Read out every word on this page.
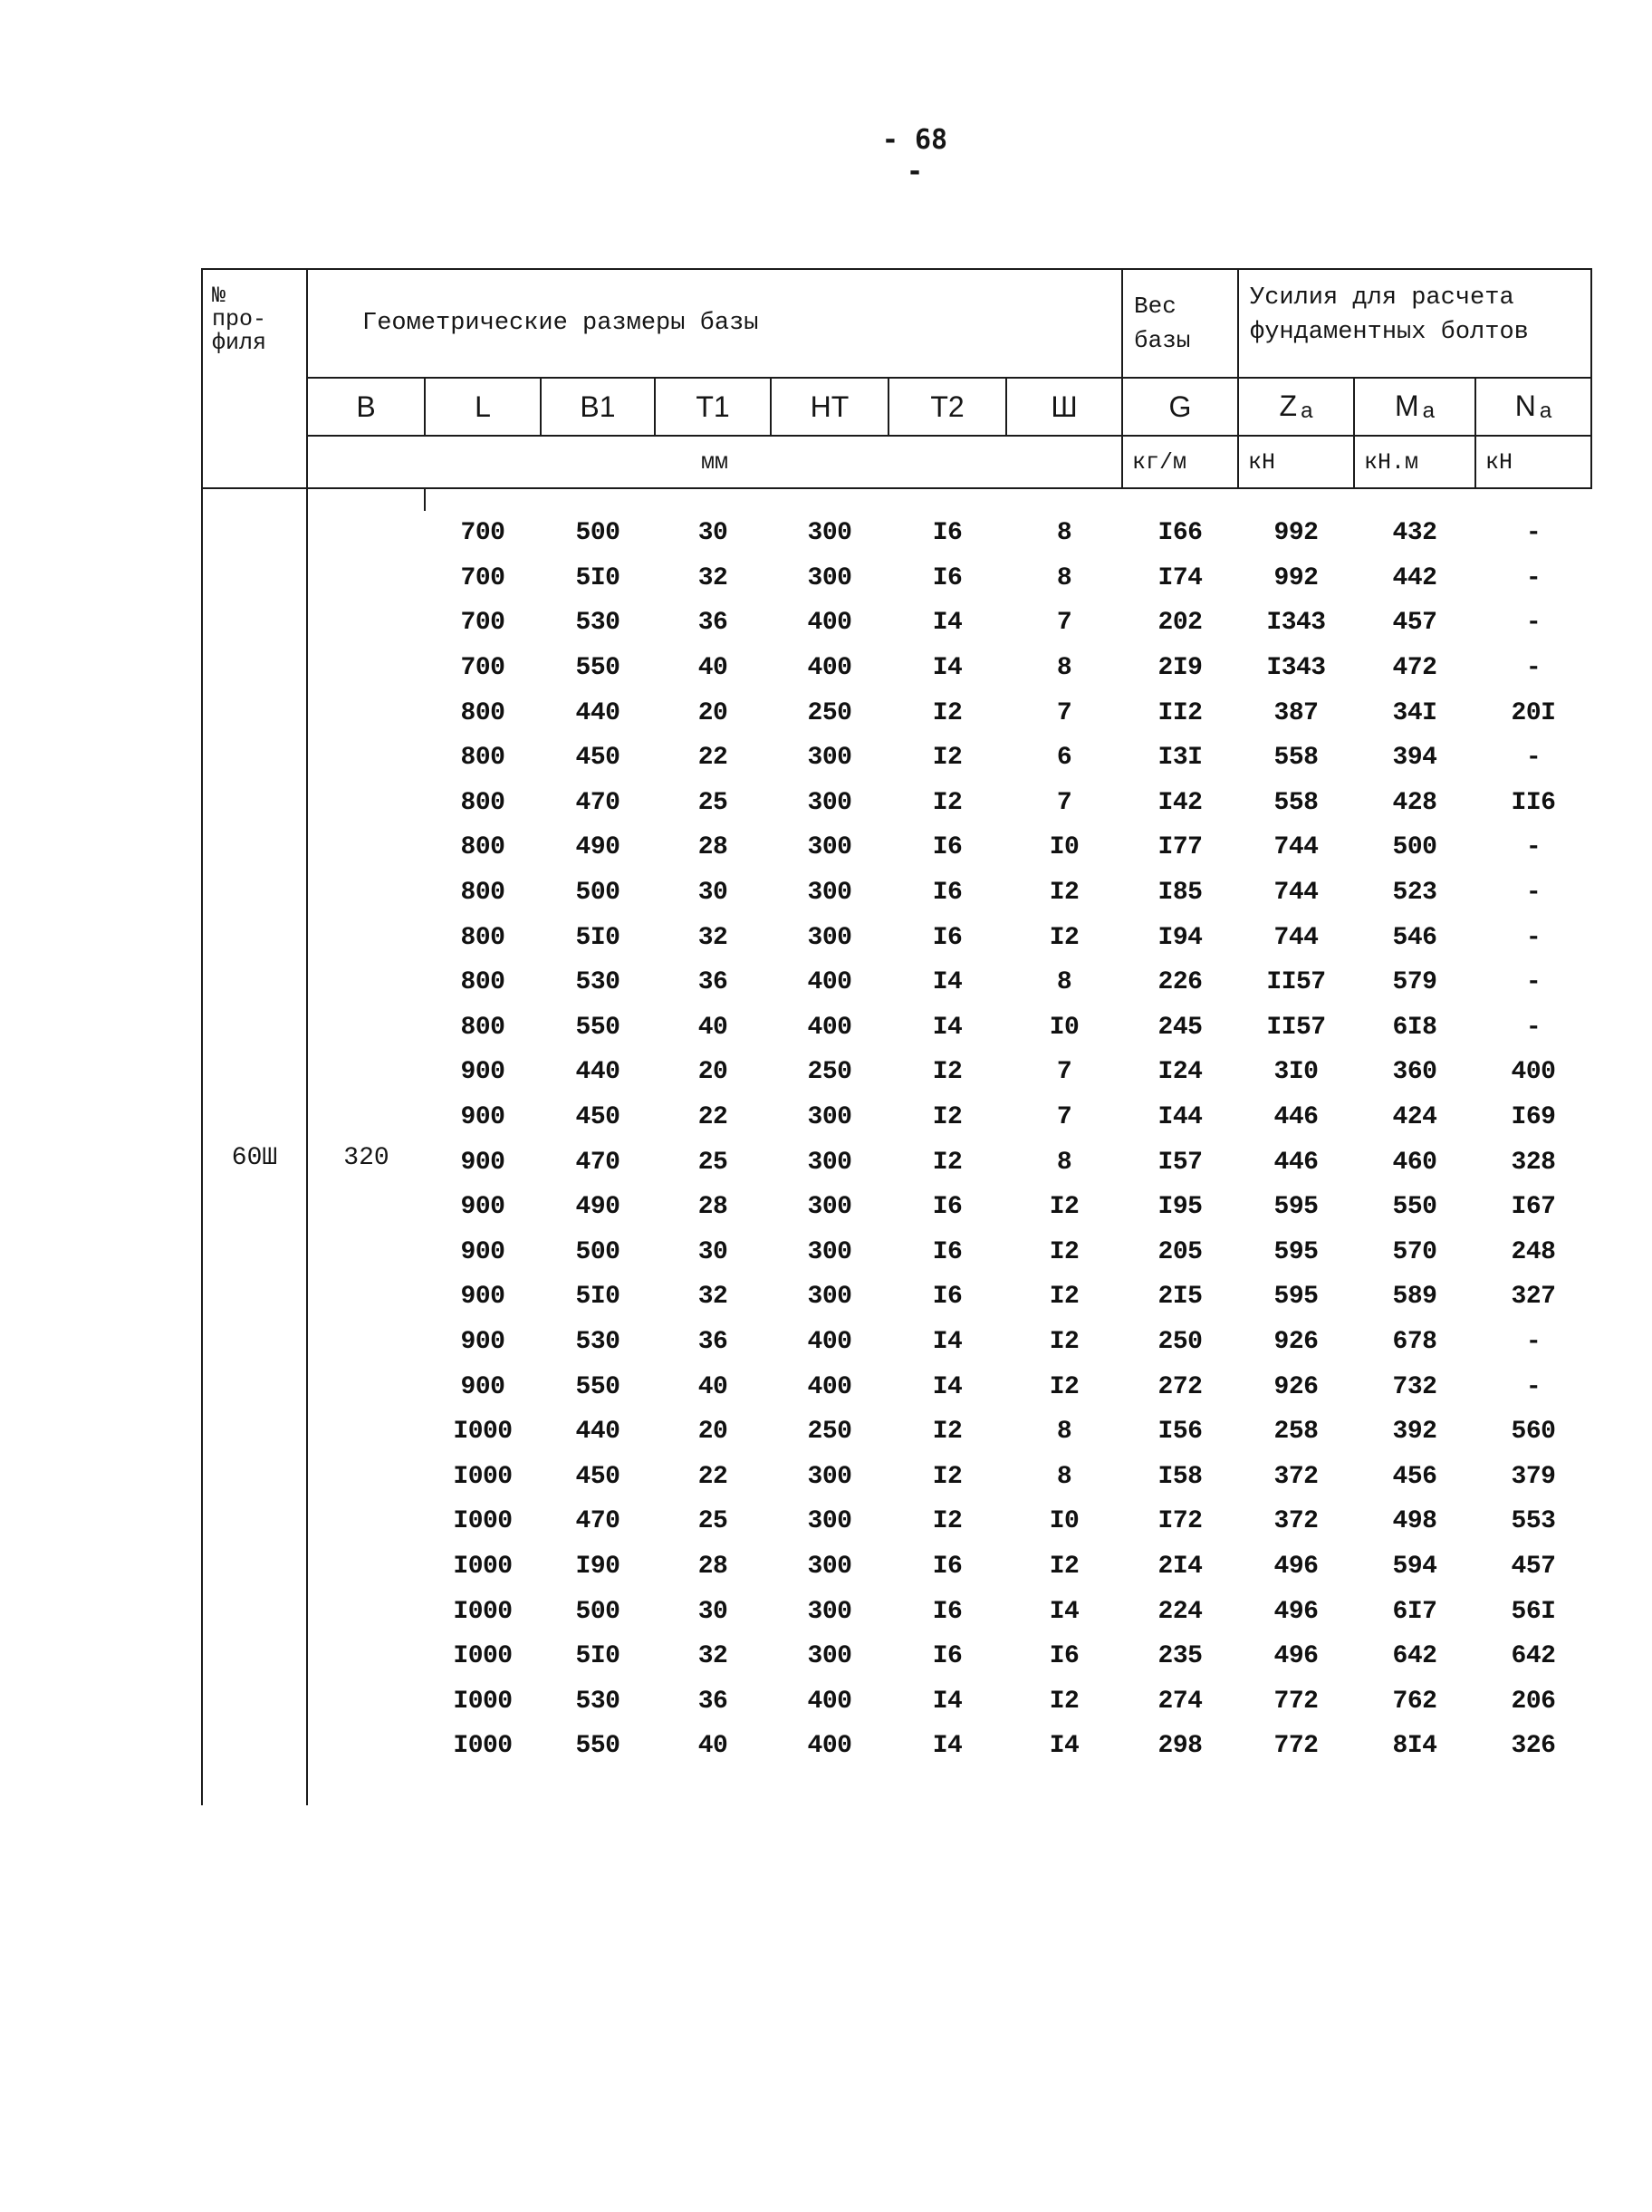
- 68 -
№
про-
филя	Геометрические размеры базы							Вес
базы	Усилия для расчета
фундаментных болтов		
	B	L	B1	T1	НТ	T2	Ш	G	Z $_a$	M $_a$	N $_a$
	мм							кг/м	кН	кН.м	кН

60Ш	320	700	500	30	300	I6	8	I66	992	432	-
		700	5I0	32	300	I6	8	I74	992	442	-
		700	530	36	400	I4	7	202	I343	457	-
		700	550	40	400	I4	8	2I9	I343	472	-
		800	440	20	250	I2	7	II2	387	34I	20I
		800	450	22	300	I2	6	I3I	558	394	-
		800	470	25	300	I2	7	I42	558	428	II6
		800	490	28	300	I6	I0	I77	744	500	-
		800	500	30	300	I6	I2	I85	744	523	-
		800	5I0	32	300	I6	I2	I94	744	546	-
		800	530	36	400	I4	8	226	II57	579	-
		800	550	40	400	I4	I0	245	II57	6I8	-
		900	440	20	250	I2	7	I24	3I0	360	400
		900	450	22	300	I2	7	I44	446	424	I69
		900	470	25	300	I2	8	I57	446	460	328
		900	490	28	300	I6	I2	I95	595	550	I67
		900	500	30	300	I6	I2	205	595	570	248
		900	5I0	32	300	I6	I2	2I5	595	589	327
		900	530	36	400	I4	I2	250	926	678	-
		900	550	40	400	I4	I2	272	926	732	-
		I000	440	20	250	I2	8	I56	258	392	560
		I000	450	22	300	I2	8	I58	372	456	379
		I000	470	25	300	I2	I0	I72	372	498	553
		I000	I90	28	300	I6	I2	2I4	496	594	457
		I000	500	30	300	I6	I4	224	496	6I7	56I
		I000	5I0	32	300	I6	I6	235	496	642	642
		I000	530	36	400	I4	I2	274	772	762	206
		I000	550	40	400	I4	I4	298	772	8I4	326
